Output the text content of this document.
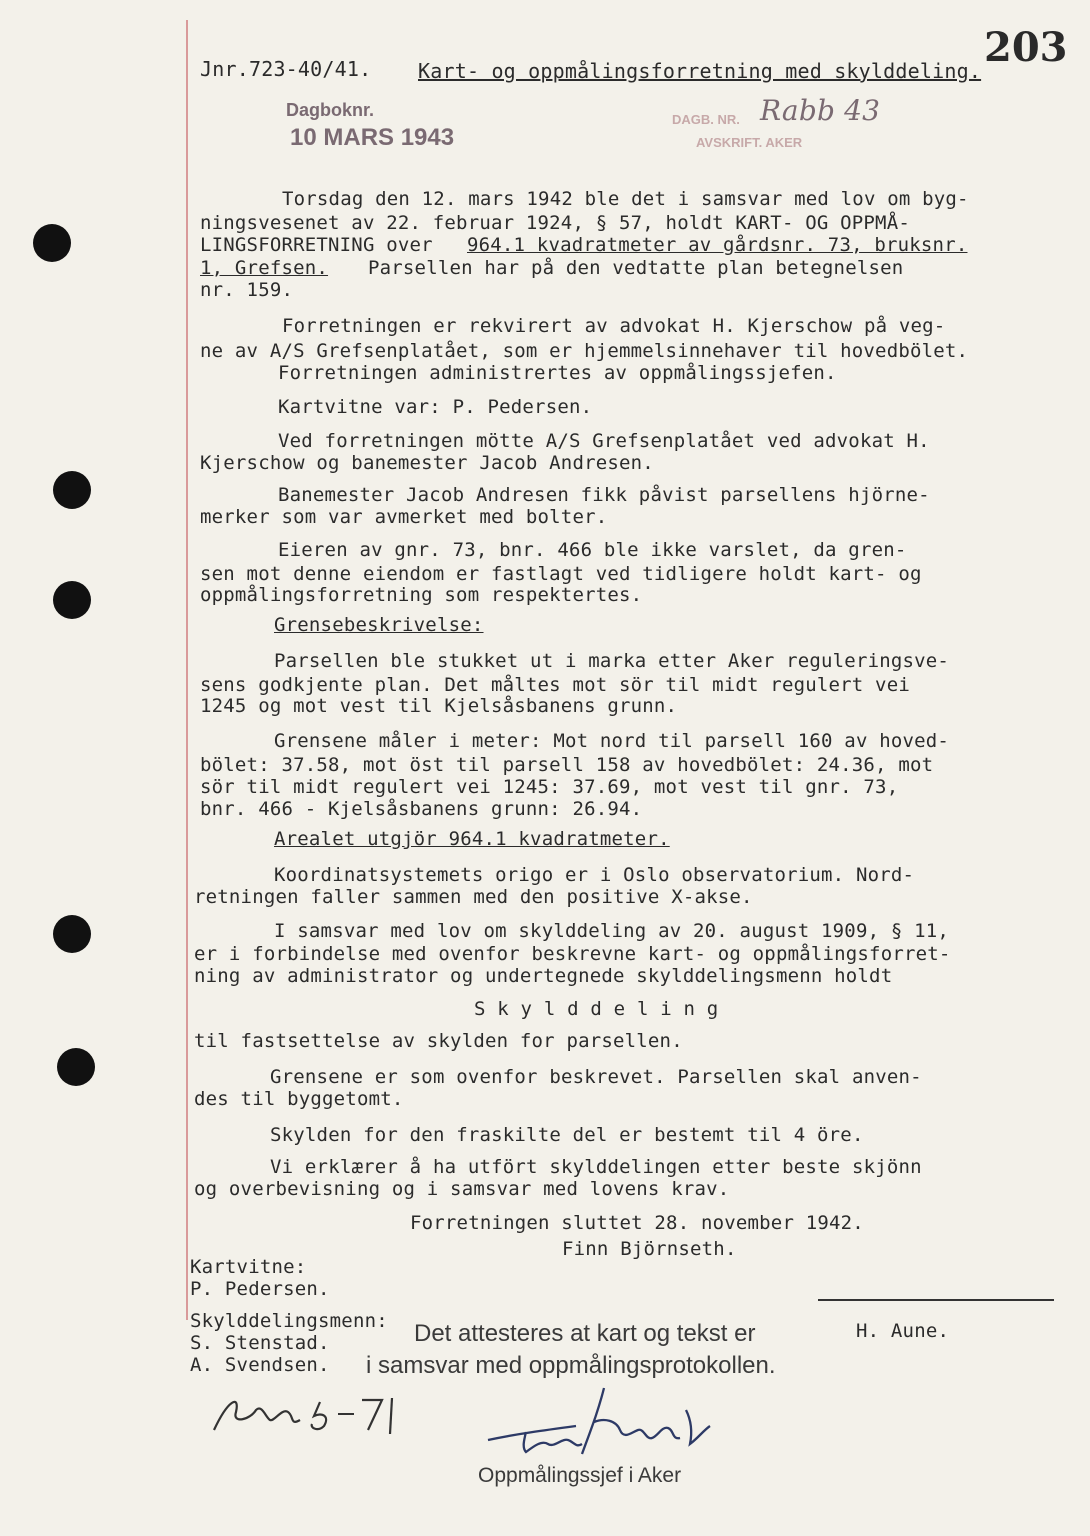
203
Jnr.723-40/41. Kart- og oppmålingsforretning med skylddeling.
Dagboknr.
10 MARS 1943
DAGB. NR.
AVSKRIFT. AKER
Rabb 43
Torsdag den 12. mars 1942 ble det i samsvar med lov om byg-
ningsvesenet av 22. februar 1924, § 57, holdt KART- OG OPPMÅ-
LINGSFORRETNING over 964.1 kvadratmeter av gårdsnr. 73, bruksnr.
1, Grefsen. Parsellen har på den vedtatte plan betegnelsen
nr. 159.
Forretningen er rekvirert av advokat H. Kjerschow på veg-
ne av A/S Grefsenplatået, som er hjemmelsinnehaver til hovedbölet.
Forretningen administrertes av oppmålingssjefen.
Kartvitne var: P. Pedersen.
Ved forretningen mötte A/S Grefsenplatået ved advokat H.
Kjerschow og banemester Jacob Andresen.
Banemester Jacob Andresen fikk påvist parsellens hjörne-
merker som var avmerket med bolter.
Eieren av gnr. 73, bnr. 466 ble ikke varslet, da gren-
sen mot denne eiendom er fastlagt ved tidligere holdt kart- og
oppmålingsforretning som respektertes.
Grensebeskrivelse:
Parsellen ble stukket ut i marka etter Aker reguleringsve-
sens godkjente plan. Det måltes mot sör til midt regulert vei
1245 og mot vest til Kjelsåsbanens grunn.
Grensene måler i meter: Mot nord til parsell 160 av hoved-
bölet: 37.58, mot öst til parsell 158 av hovedbölet: 24.36, mot
sör til midt regulert vei 1245: 37.69, mot vest til gnr. 73,
bnr. 466 - Kjelsåsbanens grunn: 26.94.
Arealet utgjör 964.1 kvadratmeter.
Koordinatsystemets origo er i Oslo observatorium. Nord-
retningen faller sammen med den positive X-akse.
I samsvar med lov om skylddeling av 20. august 1909, § 11,
er i forbindelse med ovenfor beskrevne kart- og oppmålingsforret-
ning av administrator og undertegnede skylddelingsmenn holdt
S k y l d d e l i n g
til fastsettelse av skylden for parsellen.
Grensene er som ovenfor beskrevet. Parsellen skal anven-
des til byggetomt.
Skylden for den fraskilte del er bestemt til 4 öre.
Vi erklærer å ha utfört skylddelingen etter beste skjönn
og overbevisning og i samsvar med lovens krav.
Forretningen sluttet 28. november 1942.
Finn Björnseth.
Kartvitne:
P. Pedersen.
Skylddelingsmenn:
S. Stenstad.
A. Svendsen.
H. Aune.
Det attesteres at kart og tekst er
i samsvar med oppmålingsprotokollen.
Oppmålingssjef i Aker
